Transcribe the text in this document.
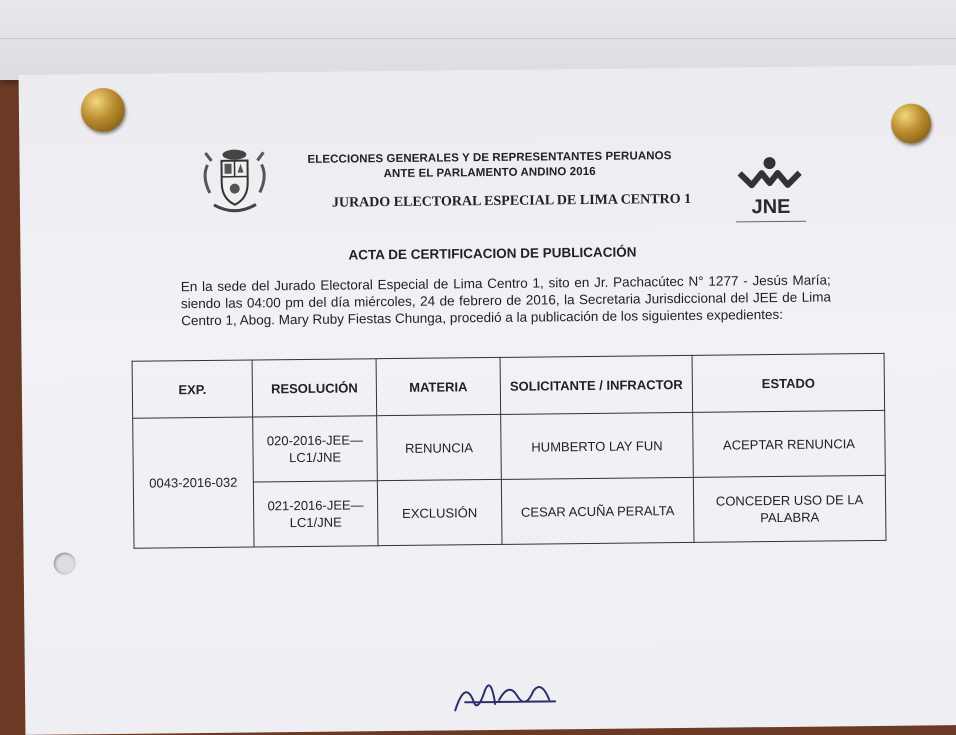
ELECCIONES GENERALES Y DE REPRESENTANTES PERUANOS
ANTE EL PARLAMENTO ANDINO 2016
JURADO ELECTORAL ESPECIAL DE LIMA CENTRO 1	JNE
ACTA DE CERTIFICACION DE PUBLICACIÓN
En la sede del Jurado Electoral Especial de Lima Centro 1, sito en Jr. Pachacútec N° 1277 - Jesús María; siendo las 04:00 pm del día miércoles, 24 de febrero de 2016, la Secretaria Jurisdiccional del JEE de Lima Centro 1, Abog. Mary Ruby Fiestas Chunga, procedió a la publicación de los siguientes expedientes:
EXP.	RESOLUCIÓN	MATERIA	SOLICITANTE / INFRACTOR	ESTADO
0043-2016-032	020-2016-JEE—LC1/JNE	RENUNCIA	HUMBERTO LAY FUN	ACEPTAR RENUNCIA
	021-2016-JEE—LC1/JNE	EXCLUSIÓN	CESAR ACUÑA PERALTA	CONCEDER USO DE LA PALABRA
